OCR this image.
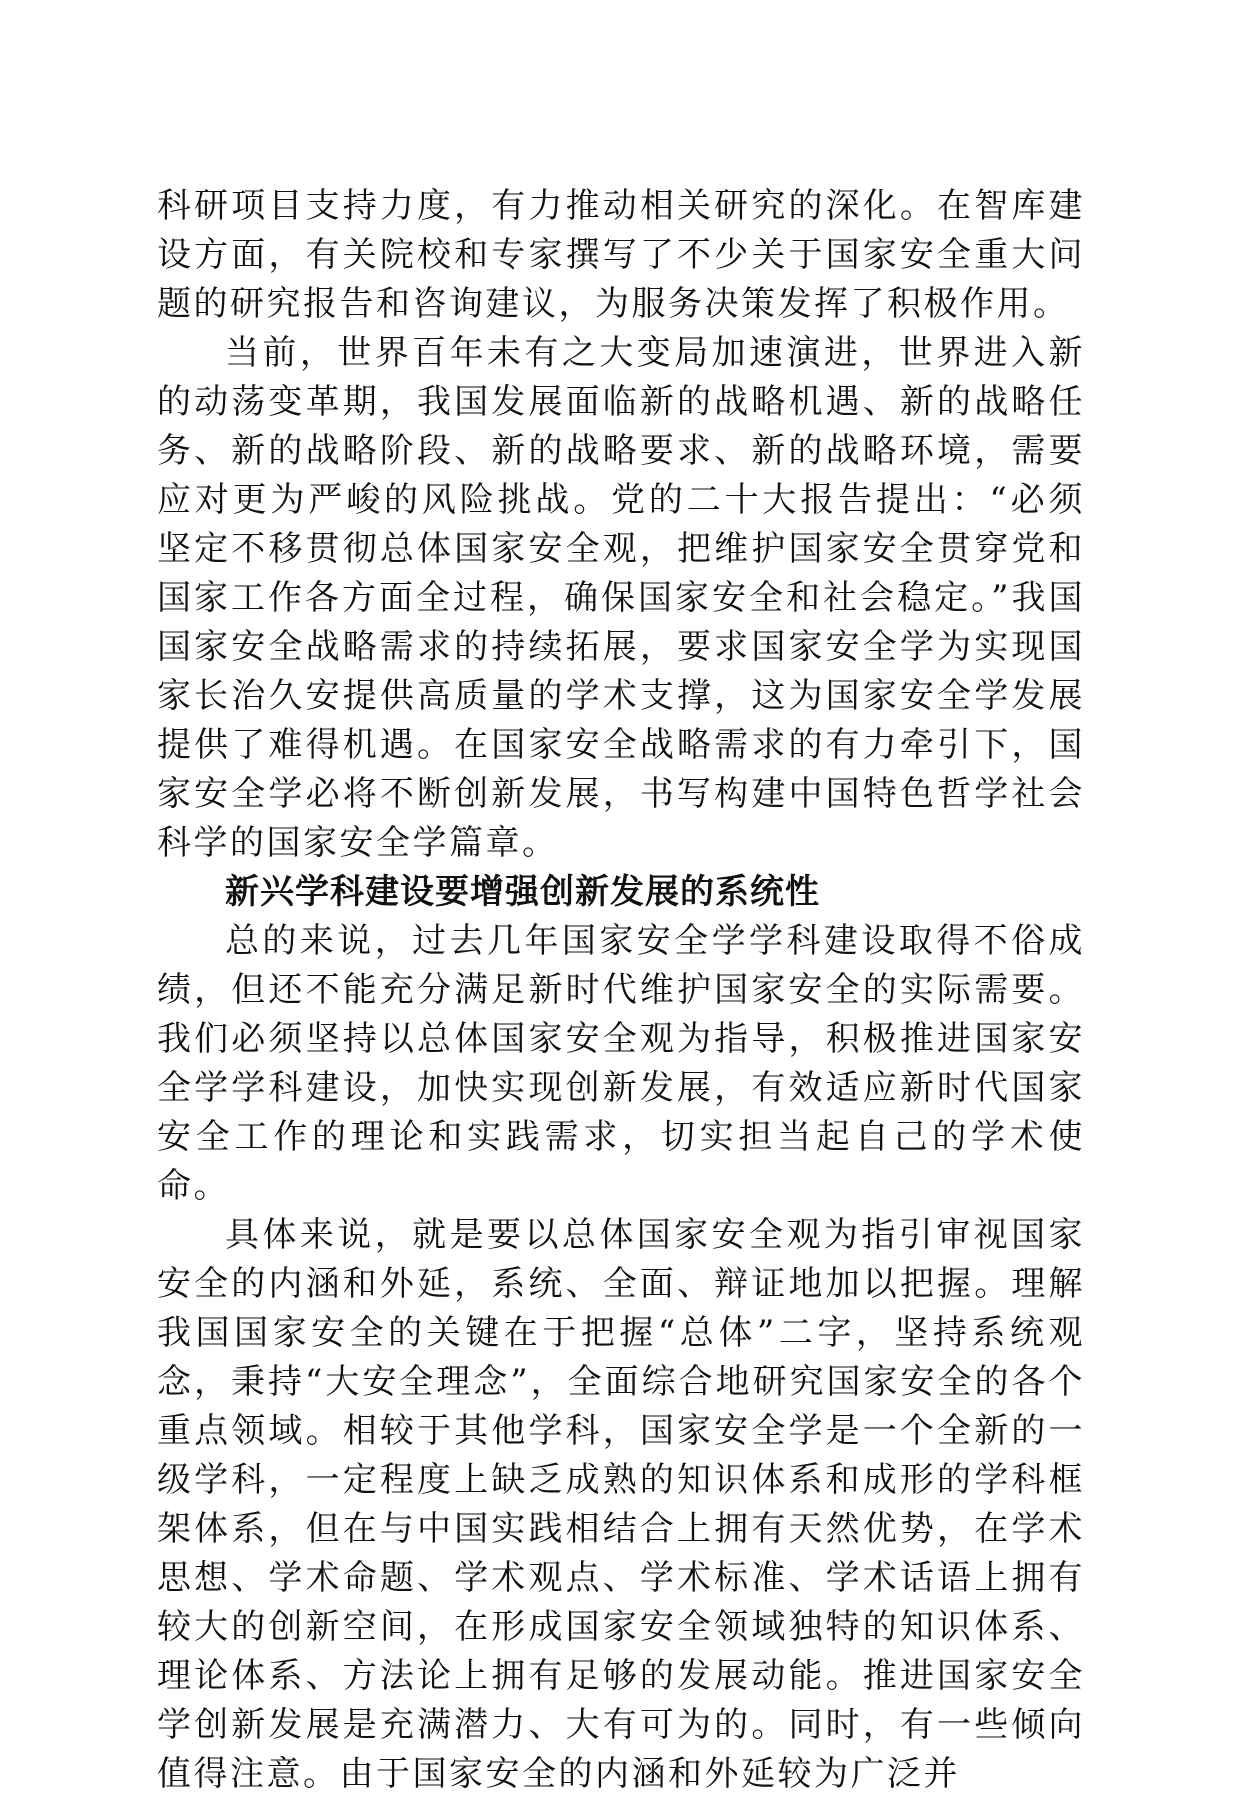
科研项目支持力度，有力推动相关研究的深化。在智库建设方面，有关院校和专家撰写了不少关于国家安全重大问题的研究报告和咨询建议，为服务决策发挥了积极作用。

当前，世界百年未有之大变局加速演进，世界进入新的动荡变革期，我国发展面临新的战略机遇、新的战略任务、新的战略阶段、新的战略要求、新的战略环境，需要应对更为严峻的风险挑战。党的二十大报告提出：“必须坚定不移贯彻总体国家安全观，把维护国家安全贯穿党和国家工作各方面全过程，确保国家安全和社会稳定。”我国国家安全战略需求的持续拓展，要求国家安全学为实现国家长治久安提供高质量的学术支撑，这为国家安全学发展提供了难得机遇。在国家安全战略需求的有力牵引下，国家安全学必将不断创新发展，书写构建中国特色哲学社会科学的国家安全学篇章。

新兴学科建设要增强创新发展的系统性

总的来说，过去几年国家安全学学科建设取得不俗成绩，但还不能充分满足新时代维护国家安全的实际需要。我们必须坚持以总体国家安全观为指导，积极推进国家安全学学科建设，加快实现创新发展，有效适应新时代国家安全工作的理论和实践需求，切实担当起自己的学术使命。

具体来说，就是要以总体国家安全观为指引审视国家安全的内涵和外延，系统、全面、辩证地加以把握。理解我国国家安全的关键在于把握“总体”二字，坚持系统观念，秉持“大安全理念”，全面综合地研究国家安全的各个重点领域。相较于其他学科，国家安全学是一个全新的一级学科，一定程度上缺乏成熟的知识体系和成形的学科框架体系，但在与中国实践相结合上拥有天然优势，在学术思想、学术命题、学术观点、学术标准、学术话语上拥有较大的创新空间，在形成国家安全领域独特的知识体系、理论体系、方法论上拥有足够的发展动能。推进国家安全学创新发展是充满潜力、大有可为的。同时，有一些倾向值得注意。由于国家安全的内涵和外延较为广泛并
